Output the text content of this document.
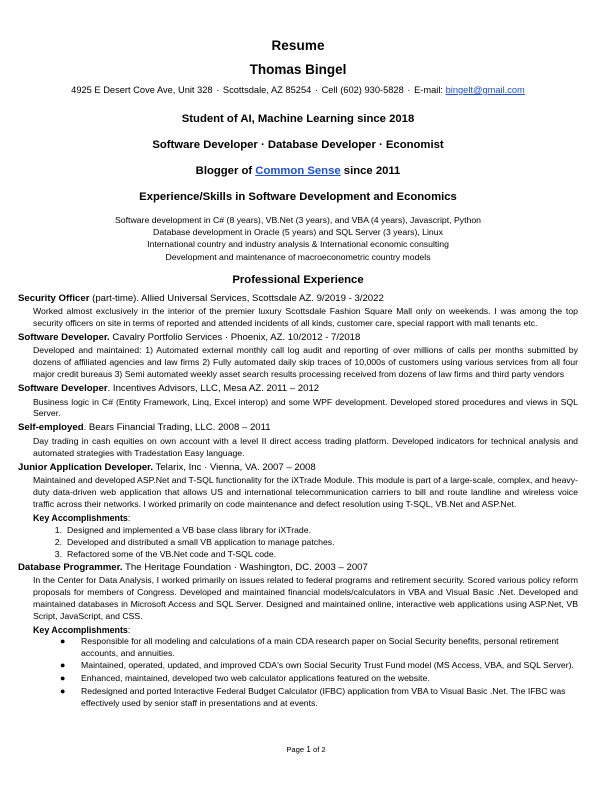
Resume
Thomas Bingel
4925 E Desert Cove Ave, Unit 328 · Scottsdale, AZ 85254 · Cell (602) 930-5828 · E-mail: bingelt@gmail.com
Student of AI, Machine Learning since 2018
Software Developer · Database Developer · Economist
Blogger of Common Sense since 2011
Experience/Skills in Software Development and Economics
Software development in C# (8 years), VB.Net (3 years), and VBA (4 years), Javascript, Python
Database development in Oracle (5 years) and SQL Server (3 years), Linux
International country and industry analysis & International economic consulting
Development and maintenance of macroeconometric country models
Professional Experience
Security Officer (part-time). Allied Universal Services, Scottsdale AZ. 9/2019 - 3/2022
Worked almost exclusively in the interior of the premier luxury Scottsdale Fashion Square Mall only on weekends. I was among the top security officers on site in terms of reported and attended incidents of all kinds, customer care, special rapport with mall tenants etc.
Software Developer. Cavalry Portfolio Services · Phoenix, AZ. 10/2012 - 7/2018
Developed and maintained: 1) Automated external monthly call log audit and reporting of over millions of calls per months submitted by dozens of affiliated agencies and law firms 2) Fully automated daily skip traces of 10,000s of customers using various services from all four major credit bureaus 3) Semi automated weekly asset search results processing received from dozens of law firms and third party vendors
Software Developer. Incentives Advisors, LLC, Mesa AZ. 2011 – 2012
Business logic in C# (Entity Framework, Linq, Excel interop) and some WPF development. Developed stored procedures and views in SQL Server.
Self-employed. Bears Financial Trading, LLC. 2008 – 2011
Day trading in cash equities on own account with a level II direct access trading platform. Developed indicators for technical analysis and automated strategies with Tradestation Easy language.
Junior Application Developer. Telarix, Inc · Vienna, VA. 2007 – 2008
Maintained and developed ASP.Net and T-SQL functionality for the iXTrade Module. This module is part of a large-scale, complex, and heavy-duty data-driven web application that allows US and international telecommunication carriers to bill and route landline and wireless voice traffic across their networks. I worked primarily on code maintenance and defect resolution using T-SQL, VB.Net and ASP.Net.
Key Accomplishments:
1. Designed and implemented a VB base class library for iXTrade.
2. Developed and distributed a small VB application to manage patches.
3. Refactored some of the VB.Net code and T-SQL code.
Database Programmer. The Heritage Foundation · Washington, DC. 2003 – 2007
In the Center for Data Analysis, I worked primarily on issues related to federal programs and retirement security. Scored various policy reform proposals for members of Congress. Developed and maintained financial models/calculators in VBA and Visual Basic .Net. Developed and maintained databases in Microsoft Access and SQL Server. Designed and maintained online, interactive web applications using ASP.Net, VB Script, JavaScript, and CSS.
Key Accomplishments:
● Responsible for all modeling and calculations of a main CDA research paper on Social Security benefits, personal retirement accounts, and annuities.
● Maintained, operated, updated, and improved CDA's own Social Security Trust Fund model (MS Access, VBA, and SQL Server).
● Enhanced, maintained, developed two web calculator applications featured on the website.
● Redesigned and ported Interactive Federal Budget Calculator (IFBC) application from VBA to Visual Basic .Net. The IFBC was effectively used by senior staff in presentations and at events.
Page 1 of 2
